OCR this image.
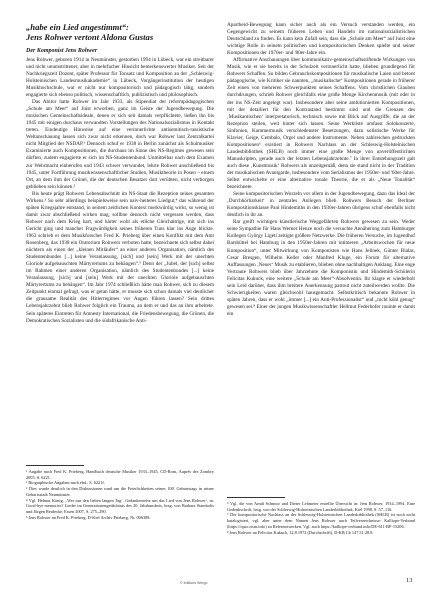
„habe ein Lied angestimmt“:
Jens Rohwer vertont Aldona Gustas
Der Komponist Jens Rohwer

Jens Rohwer, geboren 1914 in Neumünster, gestorben 1994 in Lübeck, war ein streitbarer und nicht unumstrittener, aber in mehrfacher Hinsicht bemerkenswerter Musiker. Seit der Nachkriegszeit Dozent, später Professor für Tonsatz und Komposition an der „Schleswig-Holsteinischen Landesmusikakademie“ in Lübeck, Vorgängerinstitution der heutigen Musikhochschule, war er nicht nur kompositorisch und pädagogisch tätig, sondern engagierte sich ebenso politisch, wissenschaftlich, publizistisch und philosophisch.

Das Abitur hatte Rohwer im Jahr 1933, als Stipendiat der reformpädagogischen „Schule am Meer“ auf Juist erworben, ganz im Geiste der Jugendbewegung. Die musischen Gemeinschaftsideale, denen er sich seit damals verpflichtete, ließen ihn bis 1945 mit einigen durchaus verwandten Vorstellungen des Nationalsozialismus in Kontakt treten. Eindeutige Hinweise auf eine verinnerlichte antisemitisch-rassistische Weltanschauung lassen sich zwar nicht erkennen, doch war Rohwer laut Zentralkartei nicht Mitglied der NSDAP.¹ Dennoch schuf er 1938 in Berlin zunächst als Schulmusiker Examinierte auch Kompositionen, die durchaus im Sinne des NS-Regimes gewesen sein dürften, zudem engagierte er sich im NS-Studentenbund. Unmittelbar nach dem Examen zur Wehrmacht einberufen und 1943 schwer verwundet, lehrte Rohwer anschließend bis 1945, unter Fortführung musikwissenschaftlicher Studien, Musiktheorie in Posen – einem Ort, an dem ihm der Grünel, die der deutschen Besatzer dort verübten, nicht verborgen geblieben sein können.²

Bis heute prägt Rohwers Lebensabschnitt im NS-Staat die Rezeption seines gesamten Wirkens.³ So sehr allerdings beispielsweise sein naiv-heiteres Liedgut,⁴ das während der späten Kriegsjahre entstand, in seinem zeitlichen Kontext merkwürdig wirkt, so wenig ist damit zwar abschließend wirken mag, sollbne dennoch nicht vergessen werden, dass Rohwer nach dem Krieg hart, und härter wohl als etliche Gleichaltrige, mit sich ins Gericht ging und mancher Fragwürdigkeit seines früheren Tuns klar ins Auge blickte. 1963 schrieb er dem Musikforscher Fred K. Prieberg über einen Konflikt mit dem Amt Rosenberg, das 1938 ein Oratorium Rohwers verboten hatte, bezeichnete sich selbst dabei nüchtern als einen der „kleinen Mitläufer“ an einer anderen Organisation, nämlich des Studentenbundes [...] keine Veranlassung, [sich] und [sein] Werk mit der unechten Gloriole aufgebauschten Märtyrertums zu behängen“.⁵ Denn der „Jubel, der [sich] selbst im Rahmen einer anderen Organisation, nämlich des Studentenbundes [...] keine Veranlassung, [sich] und [sein] Werk mit der unechten Gloriole aufgebauschten Märtyrertums zu behängen“. Im Jahr 1974 schließlich hätte man Rohwer, sich zu diesem Zeitpunkt einmal gefragt, was er getan hätte, er musste sich schon damals viel deutlicher die grausame Realität des Hitlerregimes vor Augen führen lassen? Sein drittes Lebensjahrzehnt blieb Rohwer folglich ein Trauma, an dem er und das an ihm arbeitete. Sein späteres Eintreten für Amnesty International, die Friedensbewegung, die Grünen, die Demokratischen Sozialisten und die südafrikanische Anti-

¹ Angabe nach Fred K. Prieberg, Handbuch deutsche Musiker 1933–1945, CD-Rom, Auprès des Zombry 2005, S. 6221.

² Biographische Angaben nach ebd., S. 6221f.

³ Dies wurde deutlich in den Diskussionen rund um die Feierlichkeiten seines 100. Geburtstags in seiner Geburtsstadt Neumünster.

⁴ Vgl. Helmut König, „Wer nur den lieben langen Tag‘. Gedankenreise um das Lied von Jens Rohwer‘, in: Good-bye memories? Lieder im Generationengedächtnis des 20. Jahrhunderts, hrsg. von Barbara Stambolis und Jürgen Reulecke, Essen 2007, S. 275–290.

⁵ Jens Rohwer an Fred K. Prieberg, D-Kiel Archiv Prieberg, Nr. 006388.

Apartheid-Bewegung kann sicher auch als ein Versuch verstanden werden, ein Gegengewicht zu seinem früheren Leben und Handeln im nationalsozialistischen Deutschland zu finden. Es kann kein Zufall sein, dass die „Schule am Meer“ auf Juist eine wichtige Rolle in seinem politischen und kompositorischen Denken spielte und seiner Kompositionen der 1970er- und '80er-Jahre ein.

Affirmative Anschauungen über kommunikativ-gemeinschaftsstiftende Wirkungen von Musik, wie er sie bereits in der Schulzeit verinnerlicht hatte, blieben grundlegend für Rohwers Schaffen. So bilden Gebrauchskompositionen für musikalische Laien und betont pädagogische, wie Kritiker sie nannten, „musikalische“ Kompositionen gerade in früherer Zeit einen von mehreren Schwerpunkten seines Schaffens. Vom christlichen Glauben durchdrungen, schrieb Rohwer gleichfalls eine große Menge Kirchenmusik (mit oder in der ins NS-Zeit angelegt war). Insbesondere aber seine ambitionierten Kompositionen, mit der detailiert für den Kontrastand bestimmt sind und die Grenzen des ‚Musikantischen‘ interpretatorisch, technisch sowie mit Blick auf Ausgriffe, die an der Rezeption steilen, weit hinter sich lassen. Seine Werkliste umfasst Solokonzerte, Sinfonien, Kammermusik verschiedenster Besetzungen, dazu solistische Werke für Klavier, Geige, Cembalo, Orgel und andere Instrumente. Neben zahlreichen gedruckten Kompositionen⁶ existiert in Rohwers Nachlass an der Schleswig-Holsteinischen Landesbibliothek (SHLB) noch immer eine große Menge von unveröffentlichten Manuskripten, gerade auch der letzten Lebensjahrzehnte.⁷ In ihrer Entstehungszeit galt auch diese ‚Kunstmusik‘ Rohwers als unzeitgemäß, denn sie stand nicht in der Tradition der musikalischen Avantgarde, insbesondere vom Serialismus der 1950er- und '60er-Jahre. Selbst entwickelte er eine alternative tonale Theorie, die er als „Neue Tonalität“ bezeichnete.

Seine kompositorischen Wurzeln vor allem in der Jugendbewegung, dazu das Ideal der ‚Durchhörbarkeit‘ in zentrales Anliegen blieb. Rohwers Besuch der Berliner Kompositionsklasse Paul Hindemiths in den 1930er-Jahren übrigens schuf ebenfalls nicht deutlich in ihr an.

Rar greift wichtigen künstlerische Weggefährten Rohwers gewesen zu sein. Weder seine Sympathie für Hans Werner Henze noch die versuchte Annäherung zum Hamburger Kollegen György Ligeti zeitigte größere Netzwerke. Die früheren Versuche, im Jugendhof Barsbüttel bei Hamburg in den 1950er-Jahren mit intimeren „Arbeitswochen für neue Komposition“, unter Mitwirkung von Komponisten wie Hans Jelinek, Günter Bialas, Cesar Bresgen, Wilhelm Keller oder Manfred Kluge, ein Forum für alternative Auffassungen ‚Neuer‘ Musik zu etablieren, blieben ohne nachhaltigen Anklang. Eine enge Vertraute Rohwers blieb über Jahrzehnte die Komponistin und Hindemith-Schülerin Felicitas Kukuck, eine weitere „Schule am Meer“-Absolventin. Ihr klagte er wiederholt sein Leid darüber, dass ihm breitere Anerkennung partout nicht zuteilwerden wollte. Die Schwierigkeiten waren gleichwohl hausgemacht. Selbstkritisch bekannte Rohwer in späten Jahren, dass er wohl „immer [...] ein Anti-Professionalist“ und „nicht kühl genug“ gewesen sei.⁸ Einer der jungen Musikwissenschaftler Hellmut Federhofer rauinte er damit ein

⁶ Vgl. die von Arndt Schnoor und Dieter Lehmeier erstellte Übersicht in: Jens Rohwer, 1914–1994. Eine Gedenkschrift, hrsg. von der Schleswig-Holsteinischen Landesbibliothek, Kiel 1998, S. 57–116.

⁷ Der kompositorische Nachlass an der Schleswig-Holsteinischen Landesbibliothek (SHLB) ist noch nicht katalogisiert, vgl. aber unter dem Namen Jens Rohwer auch Teilverzeichnisse: Kalliope-Verbund (https://opac.rism.info) zu Referenzwerken. Vgl. auch https://kalliope-verbund.info/DE-611-BF-15206.

⁸ Jens Rohwer an Felicitas Kukuck, 12.8.1972 (Durchschrift), D-KB Cb 147.51:28.8.

© éditions Wergo	13
